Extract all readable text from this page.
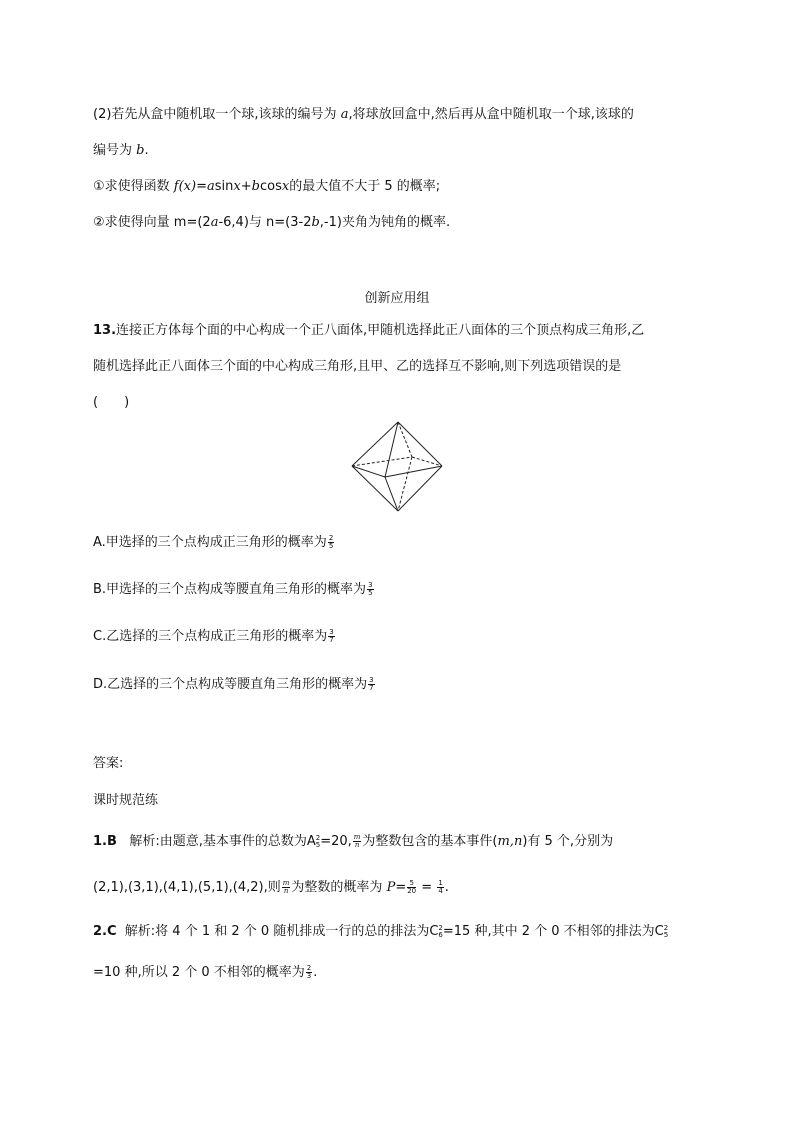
(2)若先从盒中随机取一个球,该球的编号为 a,将球放回盒中,然后再从盒中随机取一个球,该球的
编号为 b.
①求使得函数 f(x)=asinx+bcosx的最大值不大于 5 的概率;
②求使得向量 m=(2a-6,4)与 n=(3-2b,-1)夹角为钝角的概率.
创新应用组
13.连接正方体每个面的中心构成一个正八面体,甲随机选择此正八面体的三个顶点构成三角形,乙
随机选择此正八面体三个面的中心构成三角形,且甲、乙的选择互不影响,则下列选项错误的是
(　　)
A.甲选择的三个点构成正三角形的概率为 $\frac{2}{5}$
B.甲选择的三个点构成等腰直角三角形的概率为 $\frac{3}{5}$
C.乙选择的三个点构成正三角形的概率为 $\frac{3}{7}$
D.乙选择的三个点构成等腰直角三角形的概率为 $\frac{3}{7}$
答案:
课时规范练
1.B 解析:由题意,基本事件的总数为A 2
5 =20, $\frac{m}{n}$ 为整数包含的基本事件(m,n)有 5 个,分别为
(2,1),(3,1),(4,1),(5,1),(4,2),则 $\frac{m}{n}$ 为整数的概率为 $P= \frac{5}{20} = \frac{1}{4}$ .
2.C 解析:将 4 个 1 和 2 个 0 随机排成一行的总的排法为C 2
6 =15 种,其中 2 个 0 不相邻的排法为C 2
5
=10 种,所以 2 个 0 不相邻的概率为 $\frac{2}{3}$ .
